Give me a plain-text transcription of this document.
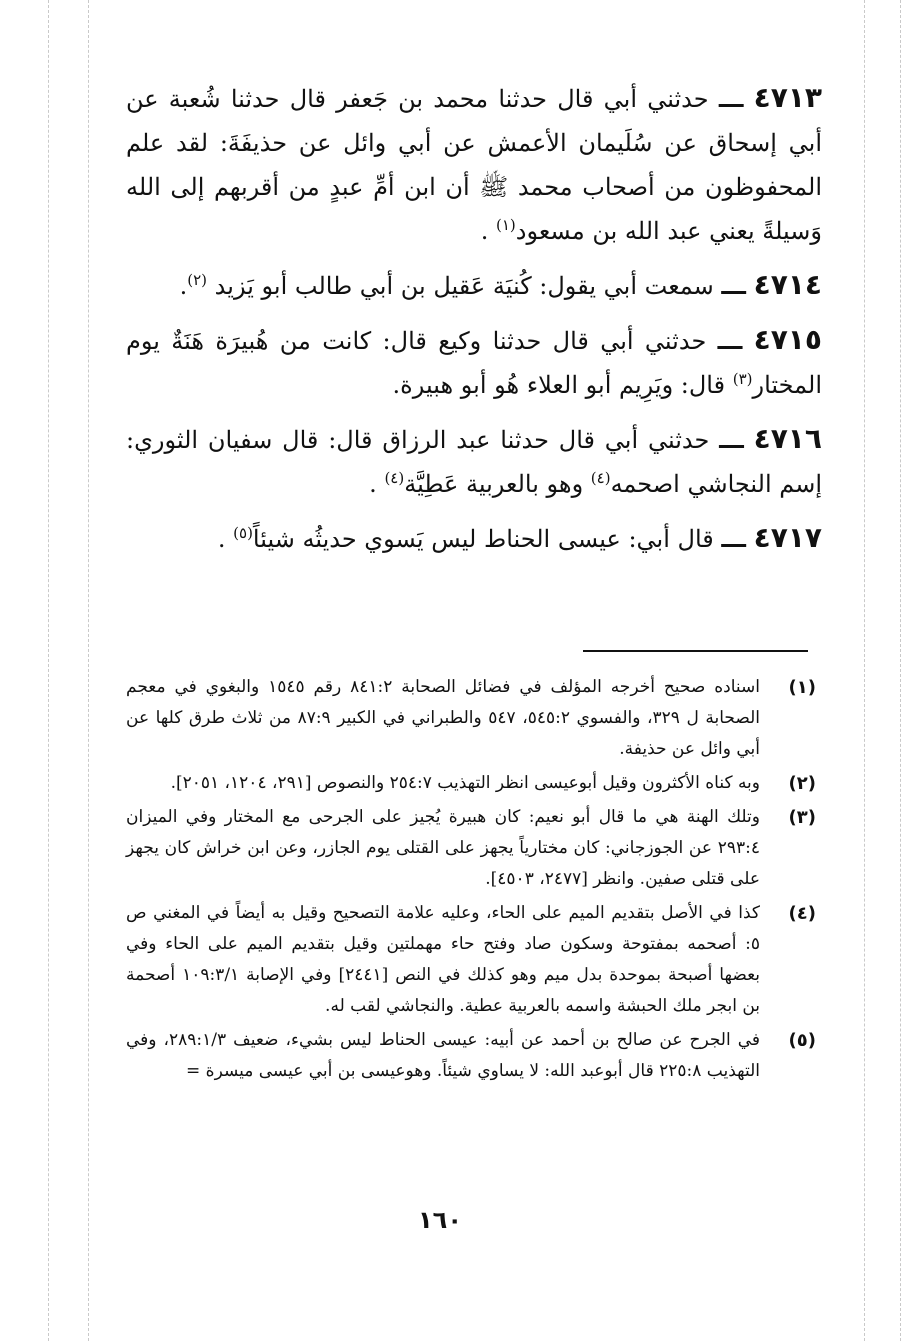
٤٧١٣ ـــ حدثني أبي قال حدثنا محمد بن جَعفر قال حدثنا شُعبة عن أبي إسحاق عن سُلَيمان الأعمش عن أبي وائل عن حذيفَةَ: لقد علم المحفوظون من أصحاب محمد ﷺ أن ابن أمِّ عبدٍ من أقربهم إلى الله وَسيلةً يعني عبد الله بن مسعود$^{(١)}$ .

٤٧١٤ ـــ سمعت أبي يقول: كُنيَة عَقيل بن أبي طالب أبو يَزيد $^{(٢)}$.

٤٧١٥ ـــ حدثني أبي قال حدثنا وكيع قال: كانت من هُبيرَة هَنَةٌ يوم المختار$^{(٣)}$ قال: ويَرِيم أبو العلاء هُو أبو هبيرة.

٤٧١٦ ـــ حدثني أبي قال حدثنا عبد الرزاق قال: قال سفيان الثوري: إسم النجاشي اصحمه$^{(٤)}$ وهو بالعربية عَطِيَّة$^{(٤)}$ .

٤٧١٧ ـــ قال أبي: عيسى الحناط ليس يَسوي حديثُه شيئاً$^{(٥)}$ .

(١)
اسناده صحيح أخرجه المؤلف في فضائل الصحابة ٨٤١:٢ رقم ١٥٤٥ والبغوي في معجم الصحابة ل ٣٢٩، والفسوي ٥٤٥:٢، ٥٤٧ والطبراني في الكبير ٨٧:٩ من ثلاث طرق كلها عن أبي وائل عن حذيفة.
(٢)
وبه كناه الأكثرون وقيل أبوعيسى انظر التهذيب ٢٥٤:٧ والنصوص [٢٩١، ١٢٠٤، ٢٠٥١].
(٣)
وتلك الهنة هي ما قال أبو نعيم: كان هبيرة يُجيز على الجرحى مع المختار وفي الميزان ٢٩٣:٤ عن الجوزجاني: كان مختارياً يجهز على القتلى يوم الجازر، وعن ابن خراش كان يجهز على قتلى صفين. وانظر [٢٤٧٧، ٤٥٠٣].
(٤)
كذا في الأصل بتقديم الميم على الحاء، وعليه علامة التصحيح وقيل به أيضاً في المغني ص ٥: أصحمه بمفتوحة وسكون صاد وفتح حاء مهملتين وقيل بتقديم الميم على الحاء وفي بعضها أصبحة بموحدة بدل ميم وهو كذلك في النص [٢٤٤١] وفي الإصابة ١٠٩:٣/١ أصحمة بن ابجر ملك الحبشة واسمه بالعربية عطية. والنجاشي لقب له.
(٥)
في الجرح عن صالح بن أحمد عن أبيه: عيسى الحناط ليس بشيء، ضعيف ٢٨٩:١/٣، وفي التهذيب ٢٢٥:٨ قال أبوعبد الله: لا يساوي شيئاً. وهوعيسى بن أبي عيسى ميسرة =
١٦٠
